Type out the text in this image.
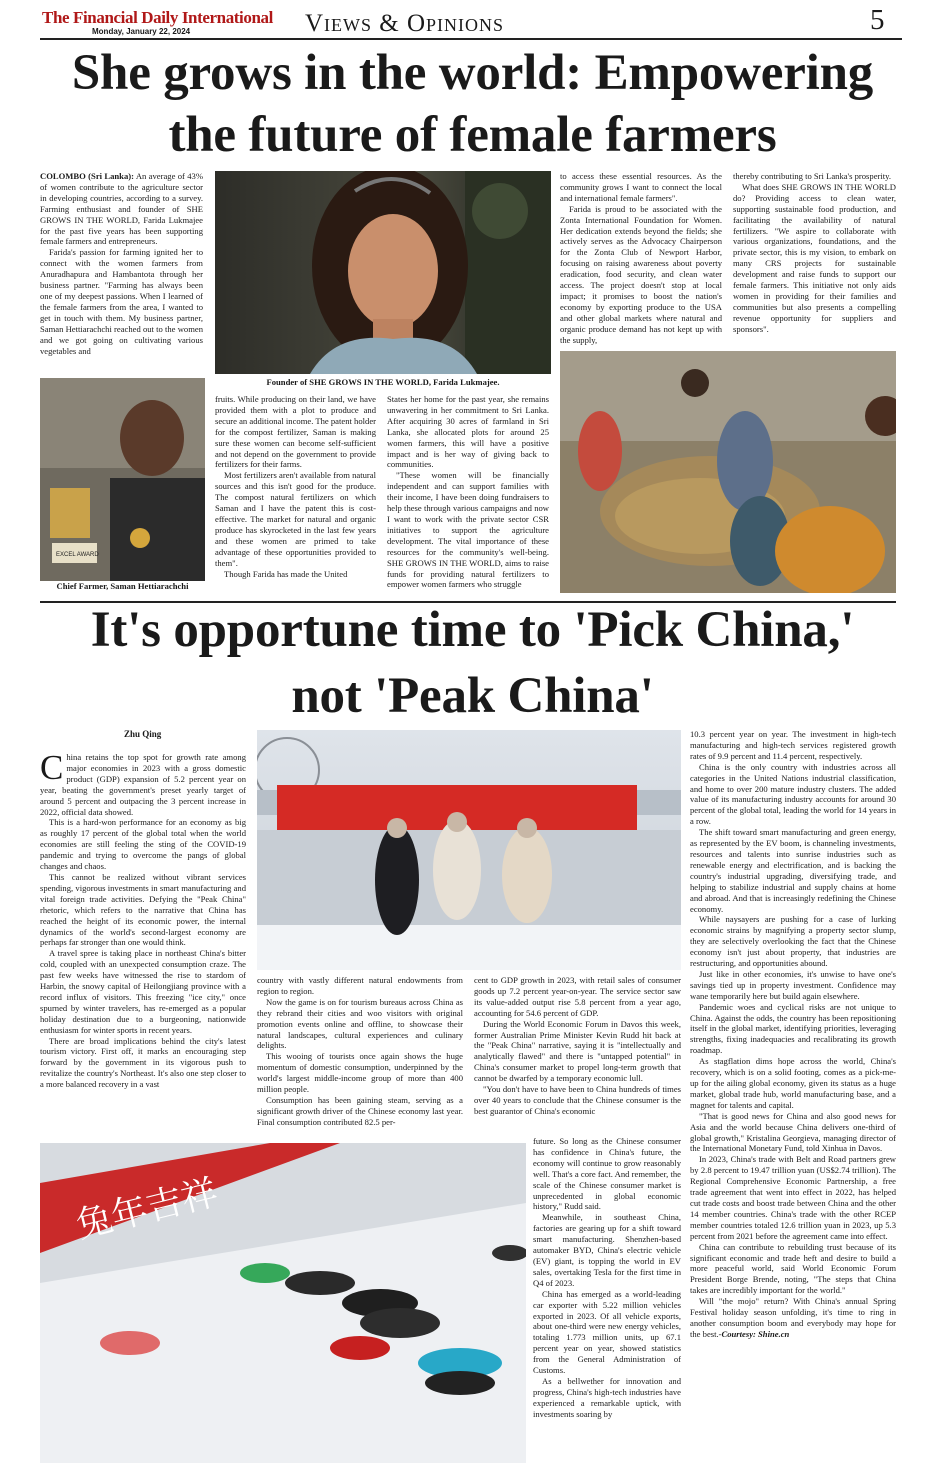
The Financial Daily International
Monday, January 22, 2024	Views & Opinions	5
She grows in the world: Empowering
the future of female farmers

COLOMBO (Sri Lanka): An average of 43% of women contribute to the agriculture sector in developing countries, according to a survey. Farming enthusiast and founder of SHE GROWS IN THE WORLD, Farida Lukmajee for the past five years has been supporting female farmers and entrepreneurs.

Farida's passion for farming ignited her to connect with the women farmers from Anuradhapura and Hambantota through her business partner. "Farming has always been one of my deepest passions. When I learned of the female farmers from the area, I wanted to get in touch with them. My business partner, Saman Hettiarachchi reached out to the women and we got going on cultivating various vegetables and

Founder of SHE GROWS IN THE WORLD, Farida Lukmajee.
EXCEL AWARD
Chief Farmer, Saman Hettiarachchi

fruits. While producing on their land, we have provided them with a plot to produce and secure an additional income. The patent holder for the compost fertilizer, Saman is making sure these women can become self-sufficient and not depend on the government to provide fertilizers for their farms.

Most fertilizers aren't available from natural sources and this isn't good for the produce. The compost natural fertilizers on which Saman and I have the patent this is cost-effective. The market for natural and organic produce has skyrocketed in the last few years and these women are primed to take advantage of these opportunities provided to them".

Though Farida has made the United

States her home for the past year, she remains unwavering in her commitment to Sri Lanka. After acquiring 30 acres of farmland in Sri Lanka, she allocated plots for around 25 women farmers, this will have a positive impact and is her way of giving back to communities.

"These women will be financially independent and can support families with their income, I have been doing fundraisers to help these through various campaigns and now I want to work with the private sector CSR initiatives to support the agriculture development. The vital importance of these resources for the community's well-being. SHE GROWS IN THE WORLD, aims to raise funds for providing natural fertilizers to empower women farmers who struggle

to access these essential resources. As the community grows I want to connect the local and international female farmers".

Farida is proud to be associated with the Zonta International Foundation for Women. Her dedication extends beyond the fields; she actively serves as the Advocacy Chairperson for the Zonta Club of Newport Harbor, focusing on raising awareness about poverty eradication, food security, and clean water access. The project doesn't stop at local impact; it promises to boost the nation's economy by exporting produce to the USA and other global markets where natural and organic produce demand has not kept up with the supply,

thereby contributing to Sri Lanka's prosperity.

What does SHE GROWS IN THE WORLD do? Providing access to clean water, supporting sustainable food production, and facilitating the availability of natural fertilizers. "We aspire to collaborate with various organizations, foundations, and the private sector, this is my vision, to embark on many CRS projects for sustainable development and raise funds to support our female farmers. This initiative not only aids women in providing for their families and communities but also presents a compelling revenue opportunity for suppliers and sponsors".

It's opportune time to 'Pick China,'
not 'Peak China'
Zhu Qing

China retains the top spot for growth rate among major economies in 2023 with a gross domestic product (GDP) expansion of 5.2 percent year on year, beating the government's preset yearly target of around 5 percent and outpacing the 3 percent increase in 2022, official data showed.

This is a hard-won performance for an economy as big as roughly 17 percent of the global total when the world economies are still feeling the sting of the COVID-19 pandemic and trying to overcome the pangs of global changes and chaos.

This cannot be realized without vibrant services spending, vigorous investments in smart manufacturing and vital foreign trade activities. Defying the "Peak China" rhetoric, which refers to the narrative that China has reached the height of its economic power, the internal dynamics of the world's second-largest economy are perhaps far stronger than one would think.

A travel spree is taking place in northeast China's bitter cold, coupled with an unexpected consumption craze. The past few weeks have witnessed the rise to stardom of Harbin, the snowy capital of Heilongjiang province with a record influx of visitors. This freezing "ice city," once spurned by winter travelers, has re-emerged as a popular holiday destination due to a burgeoning, nationwide enthusiasm for winter sports in recent years.

There are broad implications behind the city's latest tourism victory. First off, it marks an encouraging step forward by the government in its vigorous push to revitalize the country's Northeast. It's also one step closer to a more balanced recovery in a vast

country with vastly different natural endowments from region to region.

Now the game is on for tourism bureaus across China as they rebrand their cities and woo visitors with original promotion events online and offline, to showcase their natural landscapes, cultural experiences and culinary delights.

This wooing of tourists once again shows the huge momentum of domestic consumption, underpinned by the world's largest middle-income group of more than 400 million people.

Consumption has been gaining steam, serving as a significant growth driver of the Chinese economy last year. Final consumption contributed 82.5 per-

cent to GDP growth in 2023, with retail sales of consumer goods up 7.2 percent year-on-year. The service sector saw its value-added output rise 5.8 percent from a year ago, accounting for 54.6 percent of GDP.

During the World Economic Forum in Davos this week, former Australian Prime Minister Kevin Rudd hit back at the "Peak China" narrative, saying it is "intellectually and analytically flawed" and there is "untapped potential" in China's consumer market to propel long-term growth that cannot be dwarfed by a temporary economic lull.

"You don't have to have been to China hundreds of times over 40 years to conclude that the Chinese consumer is the best guarantor of China's economic

兔年吉祥

future. So long as the Chinese consumer has confidence in China's future, the economy will continue to grow reasonably well. That's a core fact. And remember, the scale of the Chinese consumer market is unprecedented in global economic history," Rudd said.

Meanwhile, in southeast China, factories are gearing up for a shift toward smart manufacturing. Shenzhen-based automaker BYD, China's electric vehicle (EV) giant, is topping the world in EV sales, overtaking Tesla for the first time in Q4 of 2023.

China has emerged as a world-leading car exporter with 5.22 million vehicles exported in 2023. Of all vehicle exports, about one-third were new energy vehicles, totaling 1.773 million units, up 67.1 percent year on year, showed statistics from the General Administration of Customs.

As a bellwether for innovation and progress, China's high-tech industries have experienced a remarkable uptick, with investments soaring by

10.3 percent year on year. The investment in high-tech manufacturing and high-tech services registered growth rates of 9.9 percent and 11.4 percent, respectively.

China is the only country with industries across all categories in the United Nations industrial classification, and home to over 200 mature industry clusters. The added value of its manufacturing industry accounts for around 30 percent of the global total, leading the world for 14 years in a row.

The shift toward smart manufacturing and green energy, as represented by the EV boom, is channeling investments, resources and talents into sunrise industries such as renewable energy and electrification, and is backing the country's industrial upgrading, diversifying trade, and helping to stabilize industrial and supply chains at home and abroad. And that is increasingly redefining the Chinese economy.

While naysayers are pushing for a case of lurking economic strains by magnifying a property sector slump, they are selectively overlooking the fact that the Chinese economy isn't just about property, that industries are restructuring, and opportunities abound.

Just like in other economies, it's unwise to have one's savings tied up in property investment. Confidence may wane temporarily here but build again elsewhere.

Pandemic woes and cyclical risks are not unique to China. Against the odds, the country has been repositioning itself in the global market, identifying priorities, leveraging strengths, fixing inadequacies and recalibrating its growth roadmap.

As stagflation dims hope across the world, China's recovery, which is on a solid footing, comes as a pick-me-up for the ailing global economy, given its status as a huge market, global trade hub, world manufacturing base, and a magnet for talents and capital.

"That is good news for China and also good news for Asia and the world because China delivers one-third of global growth," Kristalina Georgieva, managing director of the International Monetary Fund, told Xinhua in Davos.

In 2023, China's trade with Belt and Road partners grew by 2.8 percent to 19.47 trillion yuan (US$2.74 trillion). The Regional Comprehensive Economic Partnership, a free trade agreement that went into effect in 2022, has helped cut trade costs and boost trade between China and the other 14 member countries. China's trade with the other RCEP member countries totaled 12.6 trillion yuan in 2023, up 5.3 percent from 2021 before the agreement came into effect.

China can contribute to rebuilding trust because of its significant economic and trade heft and desire to build a more peaceful world, said World Economic Forum President Borge Brende, noting, "The steps that China takes are incredibly important for the world."

Will "the mojo" return? With China's annual Spring Festival holiday season unfolding, it's time to ring in another consumption boom and everybody may hope for the best.-Courtesy: Shine.cn
